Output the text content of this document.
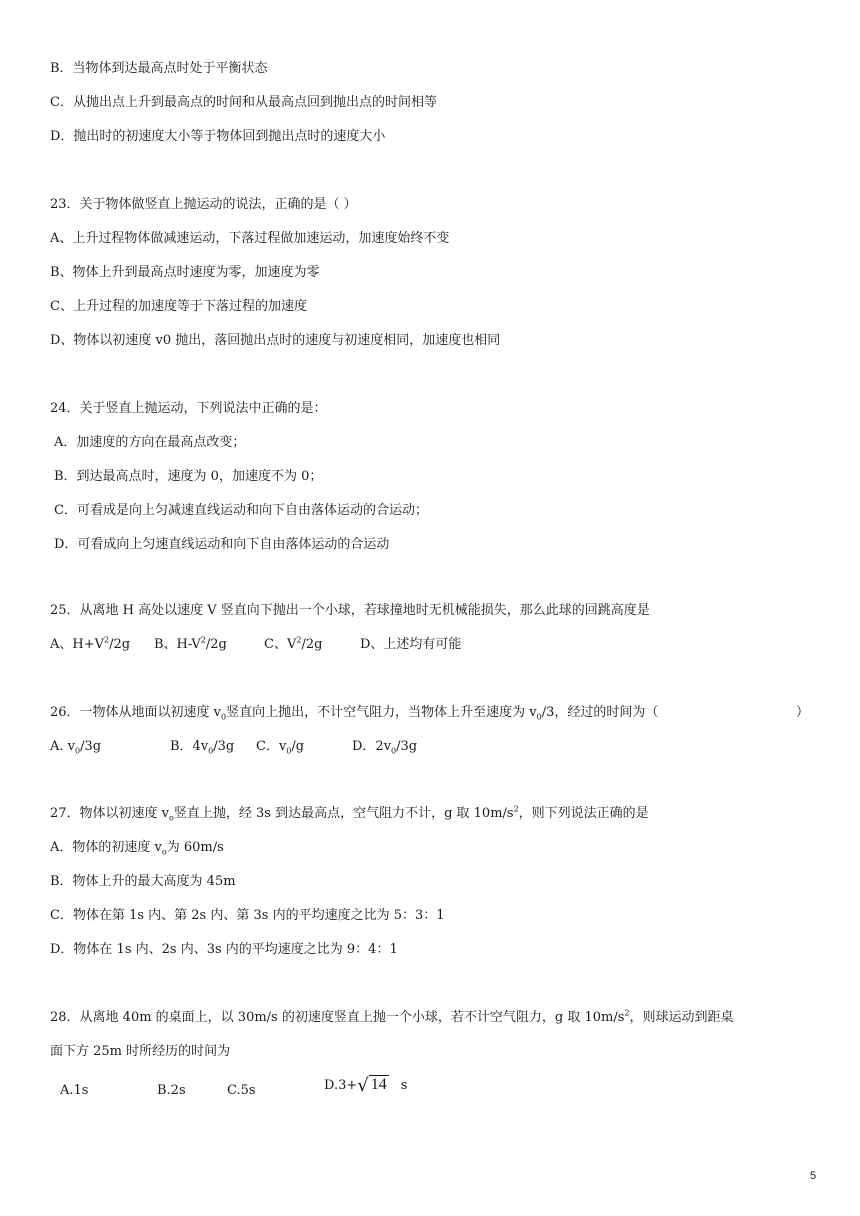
B．当物体到达最高点时处于平衡状态
C．从抛出点上升到最高点的时间和从最高点回到抛出点的时间相等
D．抛出时的初速度大小等于物体回到抛出点时的速度大小
23．关于物体做竖直上抛运动的说法，正确的是（ ）
A、上升过程物体做减速运动，下落过程做加速运动，加速度始终不变
B、物体上升到最高点时速度为零，加速度为零
C、上升过程的加速度等于下落过程的加速度
D、物体以初速度 v0 抛出，落回抛出点时的速度与初速度相同，加速度也相同
24．关于竖直上抛运动，下列说法中正确的是：
A．加速度的方向在最高点改变；
B．到达最高点时，速度为 0，加速度不为 0；
C．可看成是向上匀减速直线运动和向下自由落体运动的合运动；
D．可看成向上匀速直线运动和向下自由落体运动的合运动
25．从离地 H 高处以速度 V 竖直向下抛出一个小球，若球撞地时无机械能损失，那么此球的回跳高度是
A、$H+V^2/2g$ B、$H-V^2/2g$	C、$V^2/2g$	D、上述均有可能
26．一物体从地面以初速度 $v_0$竖直向上抛出，不计空气阻力，当物体上升至速度为 $v_0/3$，经过的时间为（	）
A. $v_0/3g$	B．$4v_0/3g$ C．$v_0/g$	D．$2v_0/3g$
27．物体以初速度 $v_o$竖直上抛，经 3s 到达最高点，空气阻力不计，g 取 $10m/s^2$，则下列说法正确的是
A．物体的初速度 $v_o$为 60m/s
B．物体上升的最大高度为 45m
C．物体在第 1s 内、第 2s 内、第 3s 内的平均速度之比为 5：3：1
D．物体在 1s 内、2s 内、3s 内的平均速度之比为 9：4：1
28．从离地 40m 的桌面上，以 30m/s 的初速度竖直上抛一个小球，若不计空气阻力，g 取 $10m/s^2$，则球运动到距桌
面下方 25m 时所经历的时间为
A.1s	B.2s	C.5s	D.3+√ 14 s
5
